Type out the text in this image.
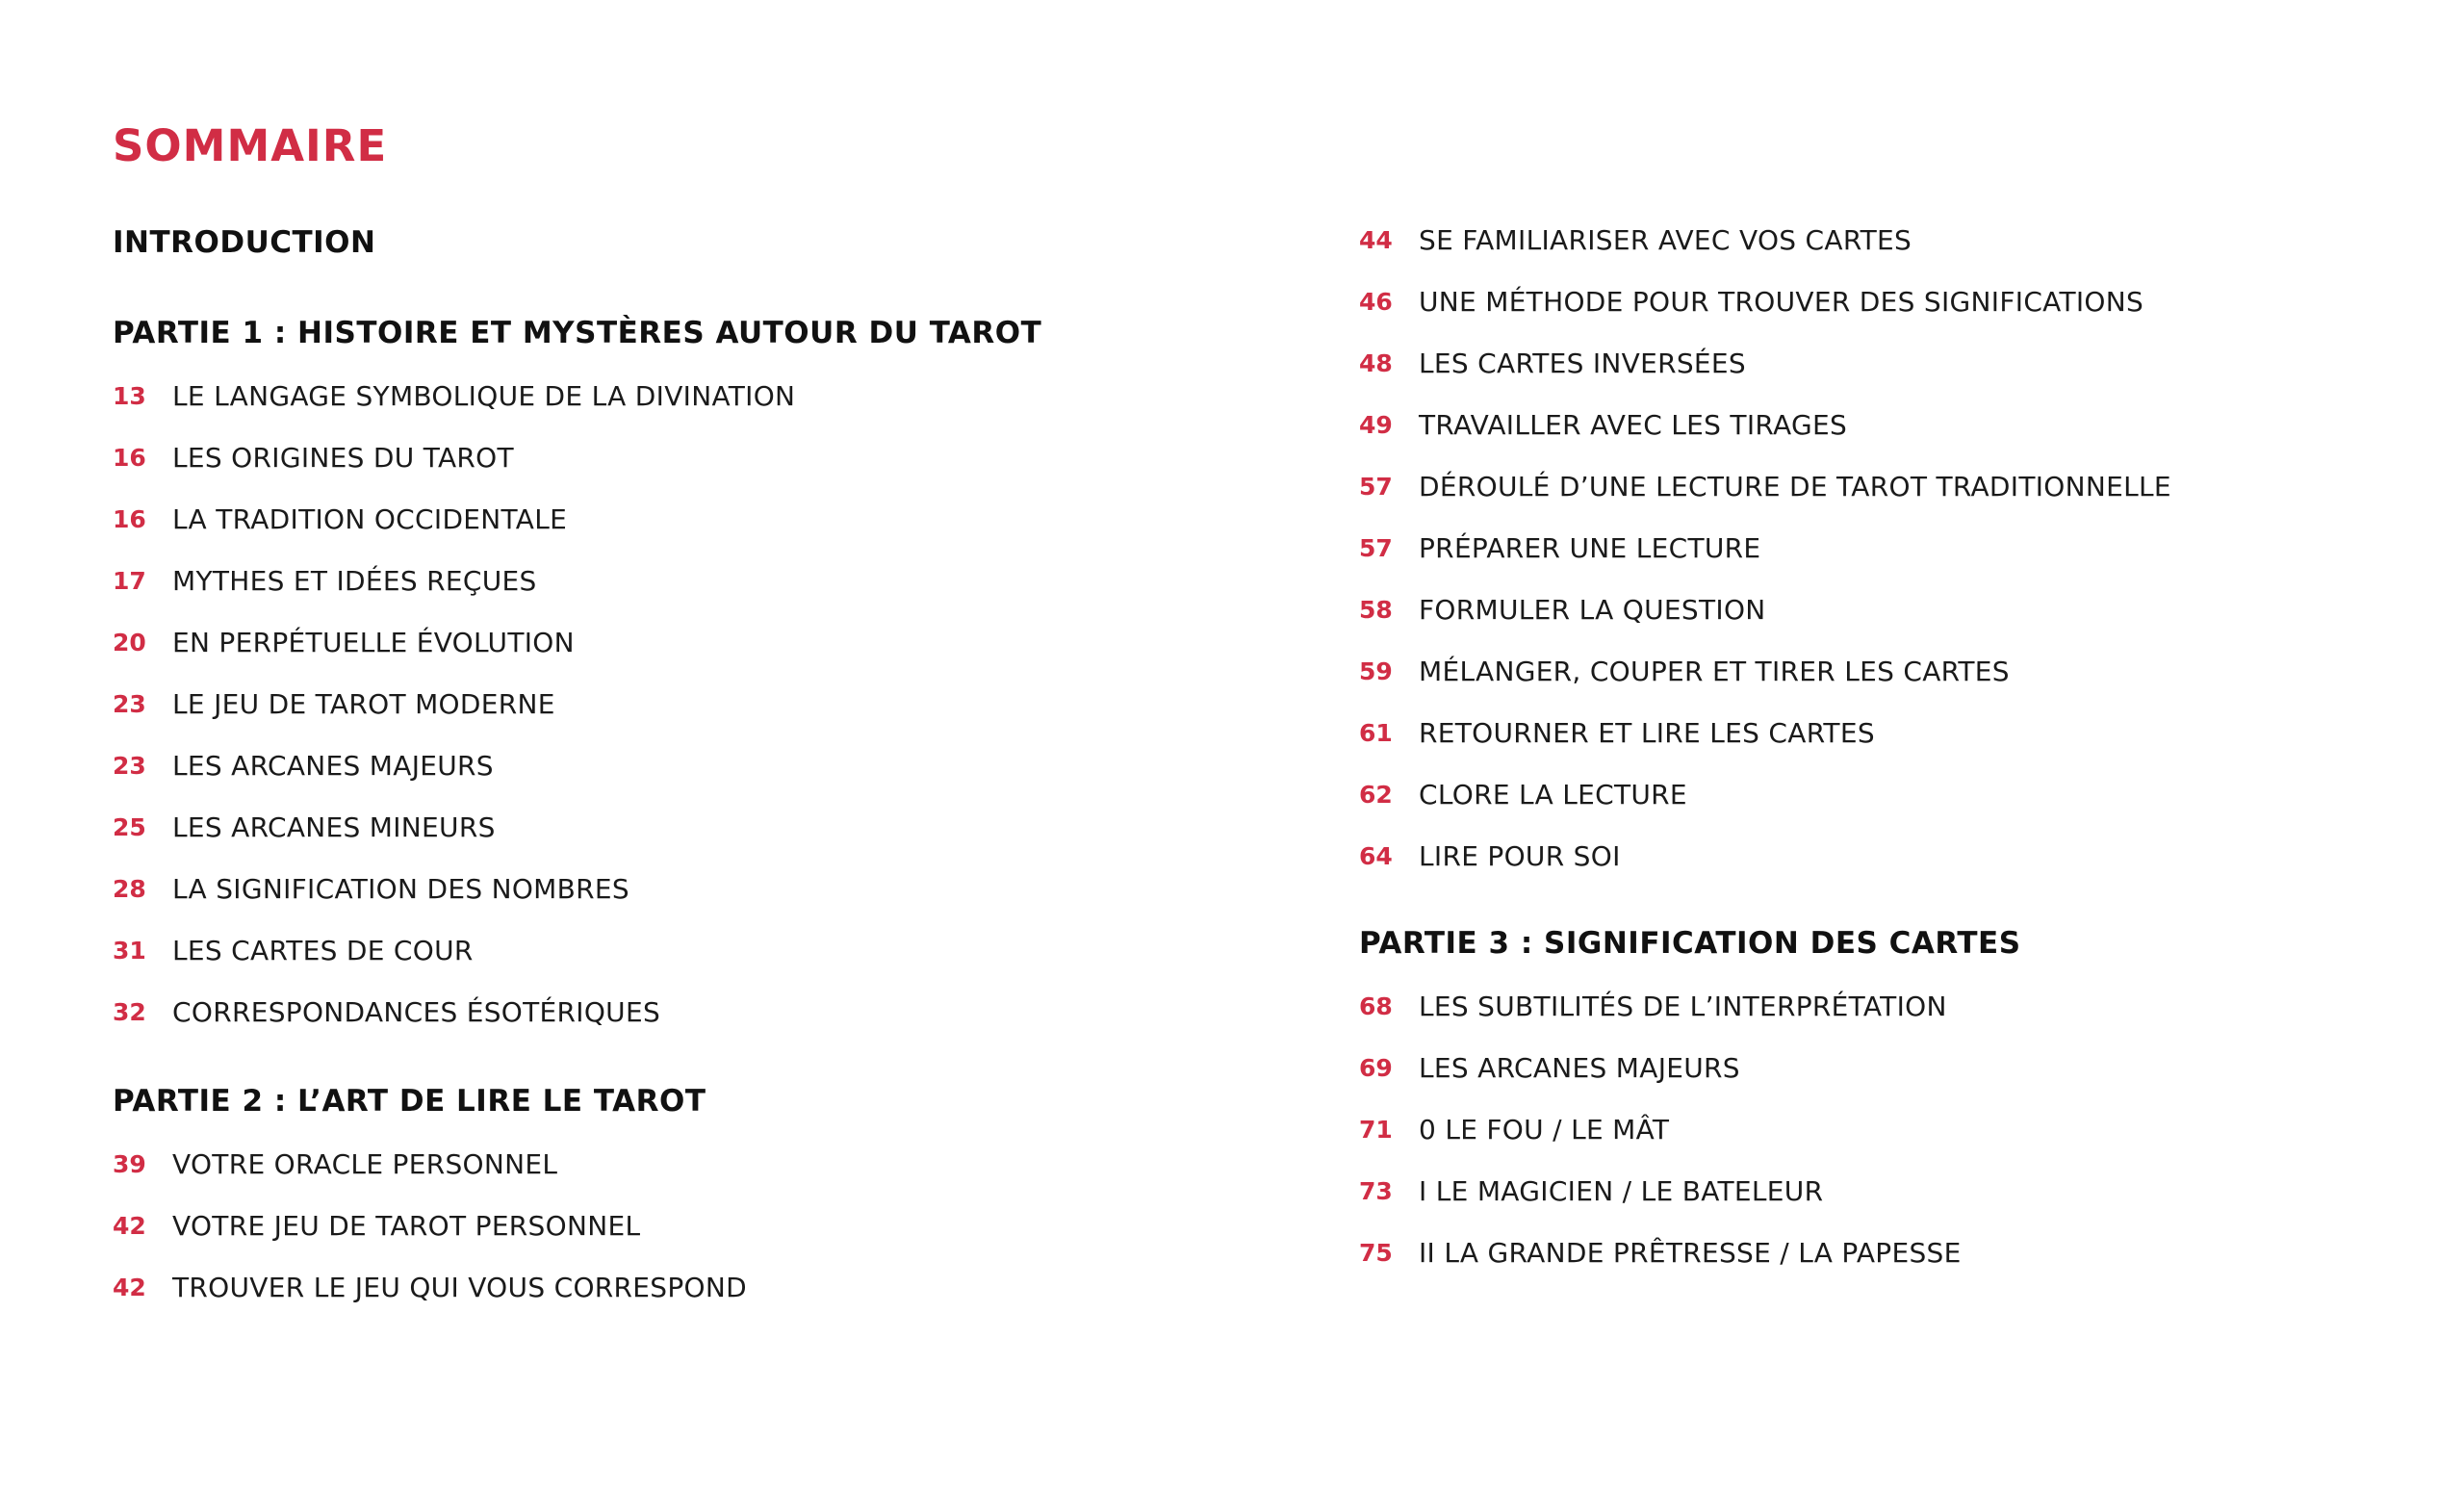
SOMMAIRE
INTRODUCTION
PARTIE 1 : HISTOIRE ET MYSTÈRES AUTOUR DU TAROT
13 LE LANGAGE SYMBOLIQUE DE LA DIVINATION
16 LES ORIGINES DU TAROT
16 LA TRADITION OCCIDENTALE
17 MYTHES ET IDÉES REÇUES
20 EN PERPÉTUELLE ÉVOLUTION
23 LE JEU DE TAROT MODERNE
23 LES ARCANES MAJEURS
25 LES ARCANES MINEURS
28 LA SIGNIFICATION DES NOMBRES
31 LES CARTES DE COUR
32 CORRESPONDANCES ÉSOTÉRIQUES
PARTIE 2 : L’ART DE LIRE LE TAROT
39 VOTRE ORACLE PERSONNEL
42 VOTRE JEU DE TAROT PERSONNEL
42 TROUVER LE JEU QUI VOUS CORRESPOND
44 SE FAMILIARISER AVEC VOS CARTES
46 UNE MÉTHODE POUR TROUVER DES SIGNIFICATIONS
48 LES CARTES INVERSÉES
49 TRAVAILLER AVEC LES TIRAGES
57 DÉROULÉ D’UNE LECTURE DE TAROT TRADITIONNELLE
57 PRÉPARER UNE LECTURE
58 FORMULER LA QUESTION
59 MÉLANGER, COUPER ET TIRER LES CARTES
61 RETOURNER ET LIRE LES CARTES
62 CLORE LA LECTURE
64 LIRE POUR SOI
PARTIE 3 : SIGNIFICATION DES CARTES
68 LES SUBTILITÉS DE L’INTERPRÉTATION
69 LES ARCANES MAJEURS
71 0 LE FOU / LE MÂT
73 I LE MAGICIEN / LE BATELEUR
75 II LA GRANDE PRÊTRESSE / LA PAPESSE
